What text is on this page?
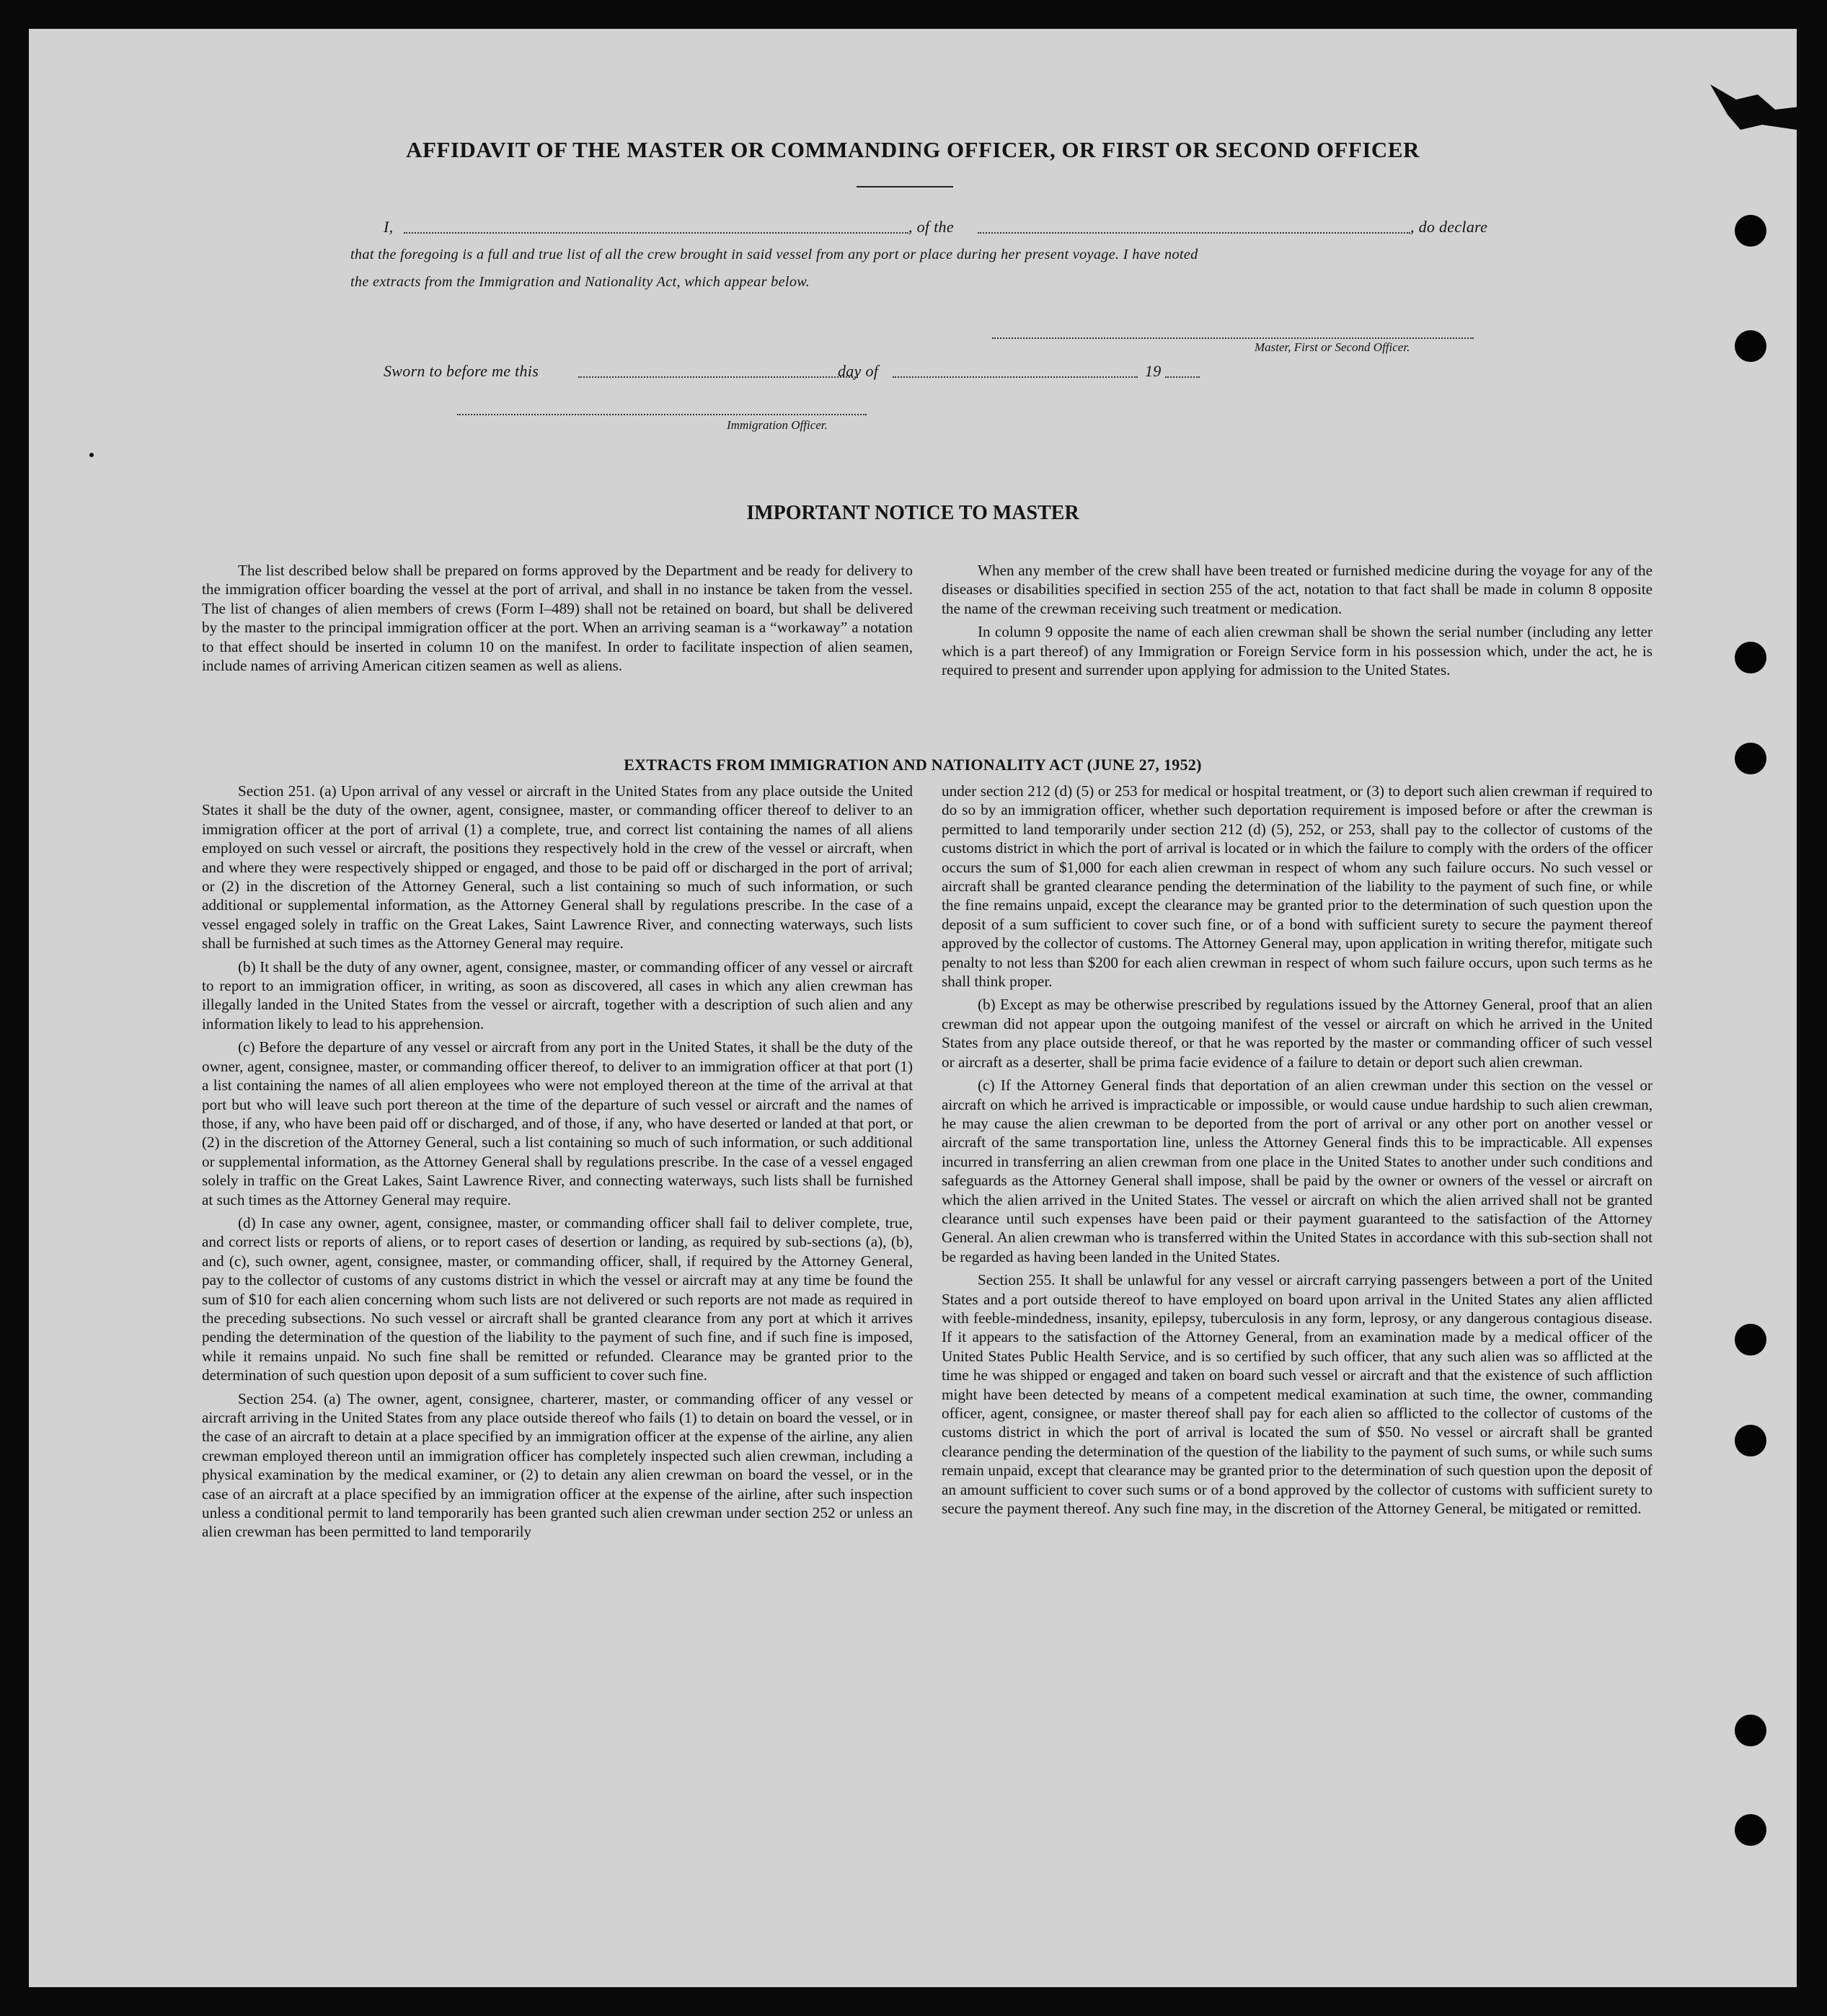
AFFIDAVIT OF THE MASTER OR COMMANDING OFFICER, OR FIRST OR SECOND OFFICER
I,	, of the	, do declare
that the foregoing is a full and true list of all the crew brought in said vessel from any port or place during her present voyage. I have noted
the extracts from the Immigration and Nationality Act, which appear below.
Master, First or Second Officer.
Sworn to before me this	day of	19
Immigration Officer.
IMPORTANT NOTICE TO MASTER

The list described below shall be prepared on forms approved by the Department and be ready for delivery to the immigration officer boarding the vessel at the port of arrival, and shall in no instance be taken from the vessel. The list of changes of alien members of crews (Form I–489) shall not be retained on board, but shall be delivered by the master to the principal immigration officer at the port. When an arriving seaman is a “workaway” a notation to that effect should be inserted in column 10 on the manifest. In order to facilitate inspection of alien seamen, include names of arriving American citizen seamen as well as aliens.

When any member of the crew shall have been treated or furnished medicine during the voyage for any of the diseases or disabilities specified in section 255 of the act, notation to that fact shall be made in column 8 opposite the name of the crewman receiving such treatment or medication.

In column 9 opposite the name of each alien crewman shall be shown the serial number (including any letter which is a part thereof) of any Immigration or Foreign Service form in his possession which, under the act, he is required to present and surrender upon applying for admission to the United States.

EXTRACTS FROM IMMIGRATION AND NATIONALITY ACT (JUNE 27, 1952)

Section 251. (a) Upon arrival of any vessel or aircraft in the United States from any place outside the United States it shall be the duty of the owner, agent, consignee, master, or commanding officer thereof to deliver to an immigration officer at the port of arrival (1) a complete, true, and correct list containing the names of all aliens employed on such vessel or aircraft, the positions they respectively hold in the crew of the vessel or aircraft, when and where they were respectively shipped or engaged, and those to be paid off or discharged in the port of arrival; or (2) in the discretion of the Attorney General, such a list containing so much of such information, or such additional or supplemental information, as the Attorney General shall by regulations prescribe. In the case of a vessel engaged solely in traffic on the Great Lakes, Saint Lawrence River, and connecting waterways, such lists shall be furnished at such times as the Attorney General may require.

(b) It shall be the duty of any owner, agent, consignee, master, or commanding officer of any vessel or aircraft to report to an immigration officer, in writing, as soon as discovered, all cases in which any alien crewman has illegally landed in the United States from the vessel or aircraft, together with a description of such alien and any information likely to lead to his apprehension.

(c) Before the departure of any vessel or aircraft from any port in the United States, it shall be the duty of the owner, agent, consignee, master, or commanding officer thereof, to deliver to an immigration officer at that port (1) a list containing the names of all alien employees who were not employed thereon at the time of the arrival at that port but who will leave such port thereon at the time of the departure of such vessel or aircraft and the names of those, if any, who have been paid off or discharged, and of those, if any, who have deserted or landed at that port, or (2) in the discretion of the Attorney General, such a list containing so much of such information, or such additional or supplemental information, as the Attorney General shall by regulations prescribe. In the case of a vessel engaged solely in traffic on the Great Lakes, Saint Lawrence River, and connecting waterways, such lists shall be furnished at such times as the Attorney General may require.

(d) In case any owner, agent, consignee, master, or commanding officer shall fail to deliver complete, true, and correct lists or reports of aliens, or to report cases of desertion or landing, as required by sub-sections (a), (b), and (c), such owner, agent, consignee, master, or commanding officer, shall, if required by the Attorney General, pay to the collector of customs of any customs district in which the vessel or aircraft may at any time be found the sum of $10 for each alien concerning whom such lists are not delivered or such reports are not made as required in the preceding subsections. No such vessel or aircraft shall be granted clearance from any port at which it arrives pending the determination of the question of the liability to the payment of such fine, and if such fine is imposed, while it remains unpaid. No such fine shall be remitted or refunded. Clearance may be granted prior to the determination of such question upon deposit of a sum sufficient to cover such fine.

Section 254. (a) The owner, agent, consignee, charterer, master, or commanding officer of any vessel or aircraft arriving in the United States from any place outside thereof who fails (1) to detain on board the vessel, or in the case of an aircraft to detain at a place specified by an immigration officer at the expense of the airline, any alien crewman employed thereon until an immigration officer has completely inspected such alien crewman, including a physical examination by the medical examiner, or (2) to detain any alien crewman on board the vessel, or in the case of an aircraft at a place specified by an immigration officer at the expense of the airline, after such inspection unless a conditional permit to land temporarily has been granted such alien crewman under section 252 or unless an alien crewman has been permitted to land temporarily

under section 212 (d) (5) or 253 for medical or hospital treatment, or (3) to deport such alien crewman if required to do so by an immigration officer, whether such deportation requirement is imposed before or after the crewman is permitted to land temporarily under section 212 (d) (5), 252, or 253, shall pay to the collector of customs of the customs district in which the port of arrival is located or in which the failure to comply with the orders of the officer occurs the sum of $1,000 for each alien crewman in respect of whom any such failure occurs. No such vessel or aircraft shall be granted clearance pending the determination of the liability to the payment of such fine, or while the fine remains unpaid, except the clearance may be granted prior to the determination of such question upon the deposit of a sum sufficient to cover such fine, or of a bond with sufficient surety to secure the payment thereof approved by the collector of customs. The Attorney General may, upon application in writing therefor, mitigate such penalty to not less than $200 for each alien crewman in respect of whom such failure occurs, upon such terms as he shall think proper.

(b) Except as may be otherwise prescribed by regulations issued by the Attorney General, proof that an alien crewman did not appear upon the outgoing manifest of the vessel or aircraft on which he arrived in the United States from any place outside thereof, or that he was reported by the master or commanding officer of such vessel or aircraft as a deserter, shall be prima facie evidence of a failure to detain or deport such alien crewman.

(c) If the Attorney General finds that deportation of an alien crewman under this section on the vessel or aircraft on which he arrived is impracticable or impossible, or would cause undue hardship to such alien crewman, he may cause the alien crewman to be deported from the port of arrival or any other port on another vessel or aircraft of the same transportation line, unless the Attorney General finds this to be impracticable. All expenses incurred in transferring an alien crewman from one place in the United States to another under such conditions and safeguards as the Attorney General shall impose, shall be paid by the owner or owners of the vessel or aircraft on which the alien arrived in the United States. The vessel or aircraft on which the alien arrived shall not be granted clearance until such expenses have been paid or their payment guaranteed to the satisfaction of the Attorney General. An alien crewman who is transferred within the United States in accordance with this sub-section shall not be regarded as having been landed in the United States.

Section 255. It shall be unlawful for any vessel or aircraft carrying passengers between a port of the United States and a port outside thereof to have employed on board upon arrival in the United States any alien afflicted with feeble-mindedness, insanity, epilepsy, tuberculosis in any form, leprosy, or any dangerous contagious disease. If it appears to the satisfaction of the Attorney General, from an examination made by a medical officer of the United States Public Health Service, and is so certified by such officer, that any such alien was so afflicted at the time he was shipped or engaged and taken on board such vessel or aircraft and that the existence of such affliction might have been detected by means of a competent medical examination at such time, the owner, commanding officer, agent, consignee, or master thereof shall pay for each alien so afflicted to the collector of customs of the customs district in which the port of arrival is located the sum of $50. No vessel or aircraft shall be granted clearance pending the determination of the question of the liability to the payment of such sums, or while such sums remain unpaid, except that clearance may be granted prior to the determination of such question upon the deposit of an amount sufficient to cover such sums or of a bond approved by the collector of customs with sufficient surety to secure the payment thereof. Any such fine may, in the discretion of the Attorney General, be mitigated or remitted.
